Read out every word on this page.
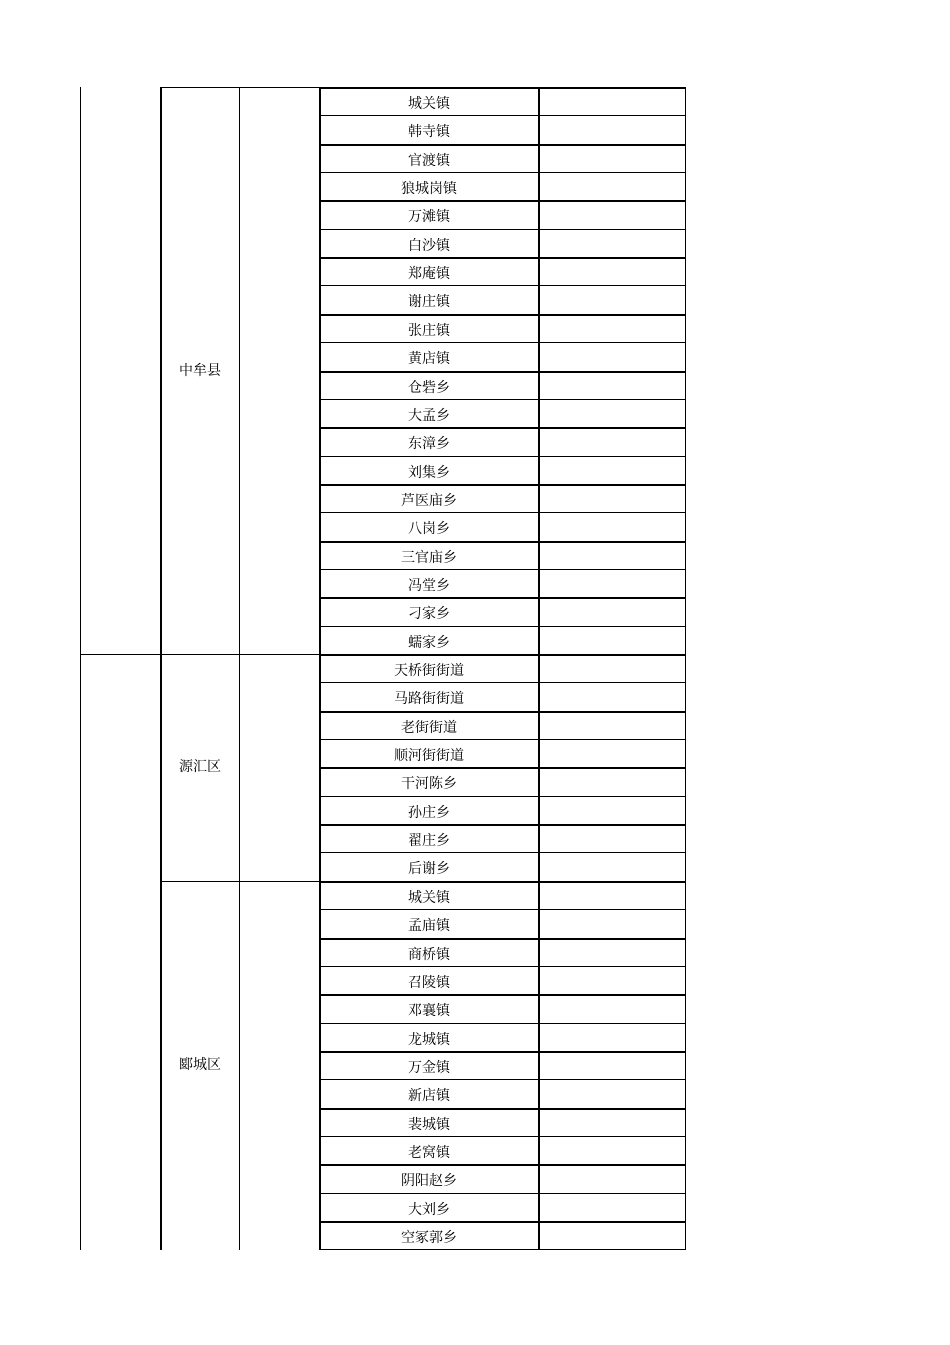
城关镇
韩寺镇
官渡镇
狼城岗镇
万滩镇
白沙镇
郑庵镇
谢庄镇
张庄镇
黄店镇
仓砦乡
大孟乡
东漳乡
刘集乡
芦医庙乡
八岗乡
三官庙乡
冯堂乡
刁家乡
蠕家乡
天桥街街道
马路街街道
老街街道
顺河街街道
干河陈乡
孙庄乡
翟庄乡
后谢乡
城关镇
孟庙镇
商桥镇
召陵镇
邓襄镇
龙城镇
万金镇
新店镇
裴城镇
老窝镇
阴阳赵乡
大刘乡
空冢郭乡
中牟县
源汇区
郾城区
